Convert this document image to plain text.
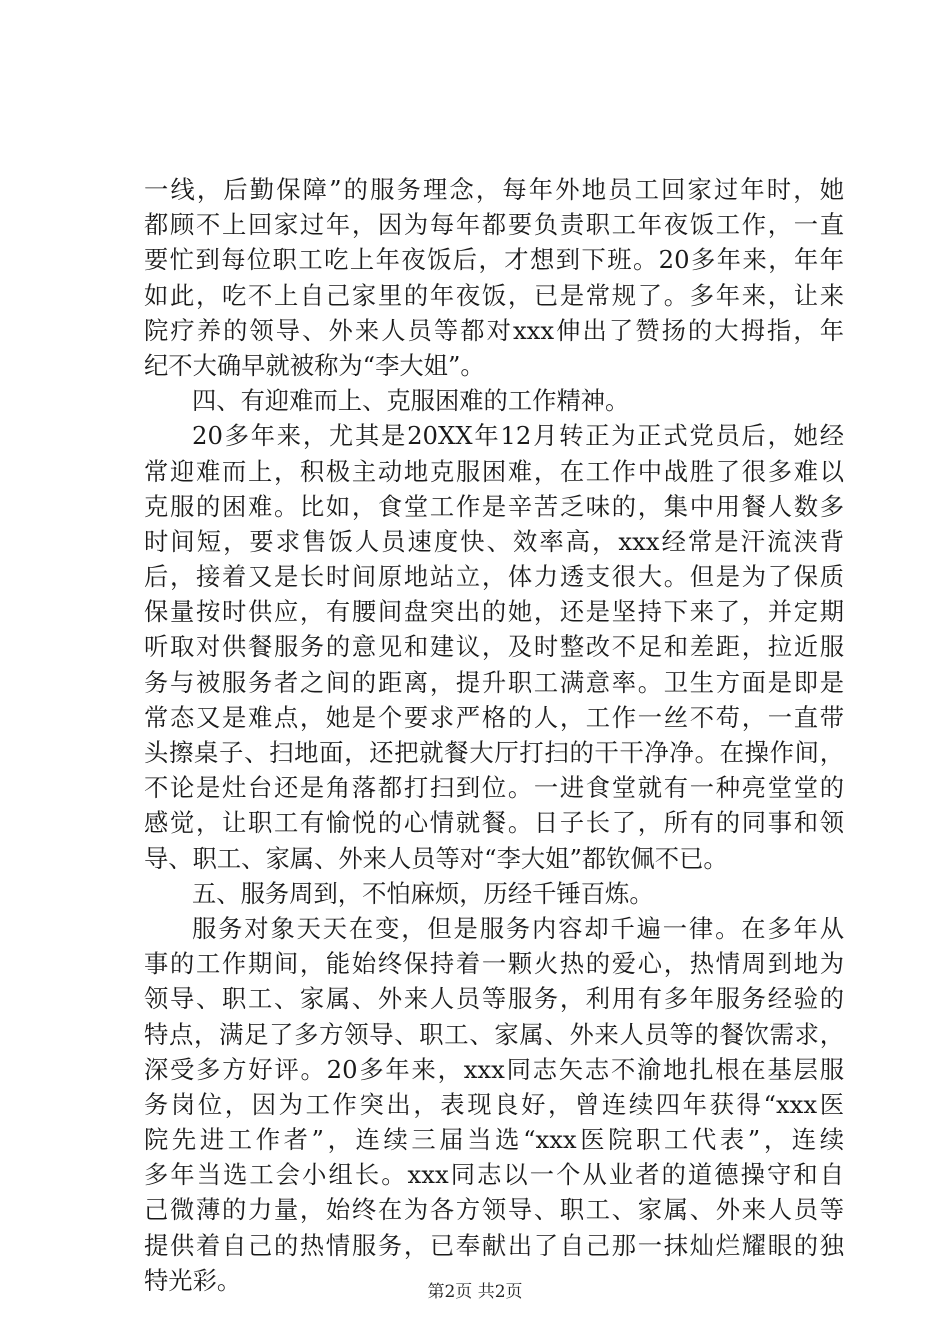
一线，后勤保障”的服务理念，每年外地员工回家过年时，她
都顾不上回家过年，因为每年都要负责职工年夜饭工作，一直
要忙到每位职工吃上年夜饭后，才想到下班。20多年来，年年
如此，吃不上自己家里的年夜饭，已是常规了。多年来，让来
院疗养的领导、外来人员等都对xxx伸出了赞扬的大拇指，年
纪不大确早就被称为“李大姐”。
四、有迎难而上、克服困难的工作精神。
20多年来，尤其是20XX年12月转正为正式党员后，她经
常迎难而上，积极主动地克服困难，在工作中战胜了很多难以
克服的困难。比如，食堂工作是辛苦乏味的，集中用餐人数多
时间短，要求售饭人员速度快、效率高，xxx经常是汗流浃背
后，接着又是长时间原地站立，体力透支很大。但是为了保质
保量按时供应，有腰间盘突出的她，还是坚持下来了，并定期
听取对供餐服务的意见和建议，及时整改不足和差距，拉近服
务与被服务者之间的距离，提升职工满意率。卫生方面是即是
常态又是难点，她是个要求严格的人，工作一丝不苟，一直带
头擦桌子、扫地面，还把就餐大厅打扫的干干净净。在操作间，
不论是灶台还是角落都打扫到位。一进食堂就有一种亮堂堂的
感觉，让职工有愉悦的心情就餐。日子长了，所有的同事和领
导、职工、家属、外来人员等对“李大姐”都钦佩不已。
五、服务周到，不怕麻烦，历经千锤百炼。
服务对象天天在变，但是服务内容却千遍一律。在多年从
事的工作期间，能始终保持着一颗火热的爱心，热情周到地为
领导、职工、家属、外来人员等服务，利用有多年服务经验的
特点，满足了多方领导、职工、家属、外来人员等的餐饮需求，
深受多方好评。20多年来，xxx同志矢志不渝地扎根在基层服
务岗位，因为工作突出，表现良好，曾连续四年获得“xxx医
院先进工作者”，连续三届当选“xxx医院职工代表”，连续
多年当选工会小组长。xxx同志以一个从业者的道德操守和自
己微薄的力量，始终在为各方领导、职工、家属、外来人员等
提供着自己的热情服务，已奉献出了自己那一抹灿烂耀眼的独
特光彩。	第2页 共2页
